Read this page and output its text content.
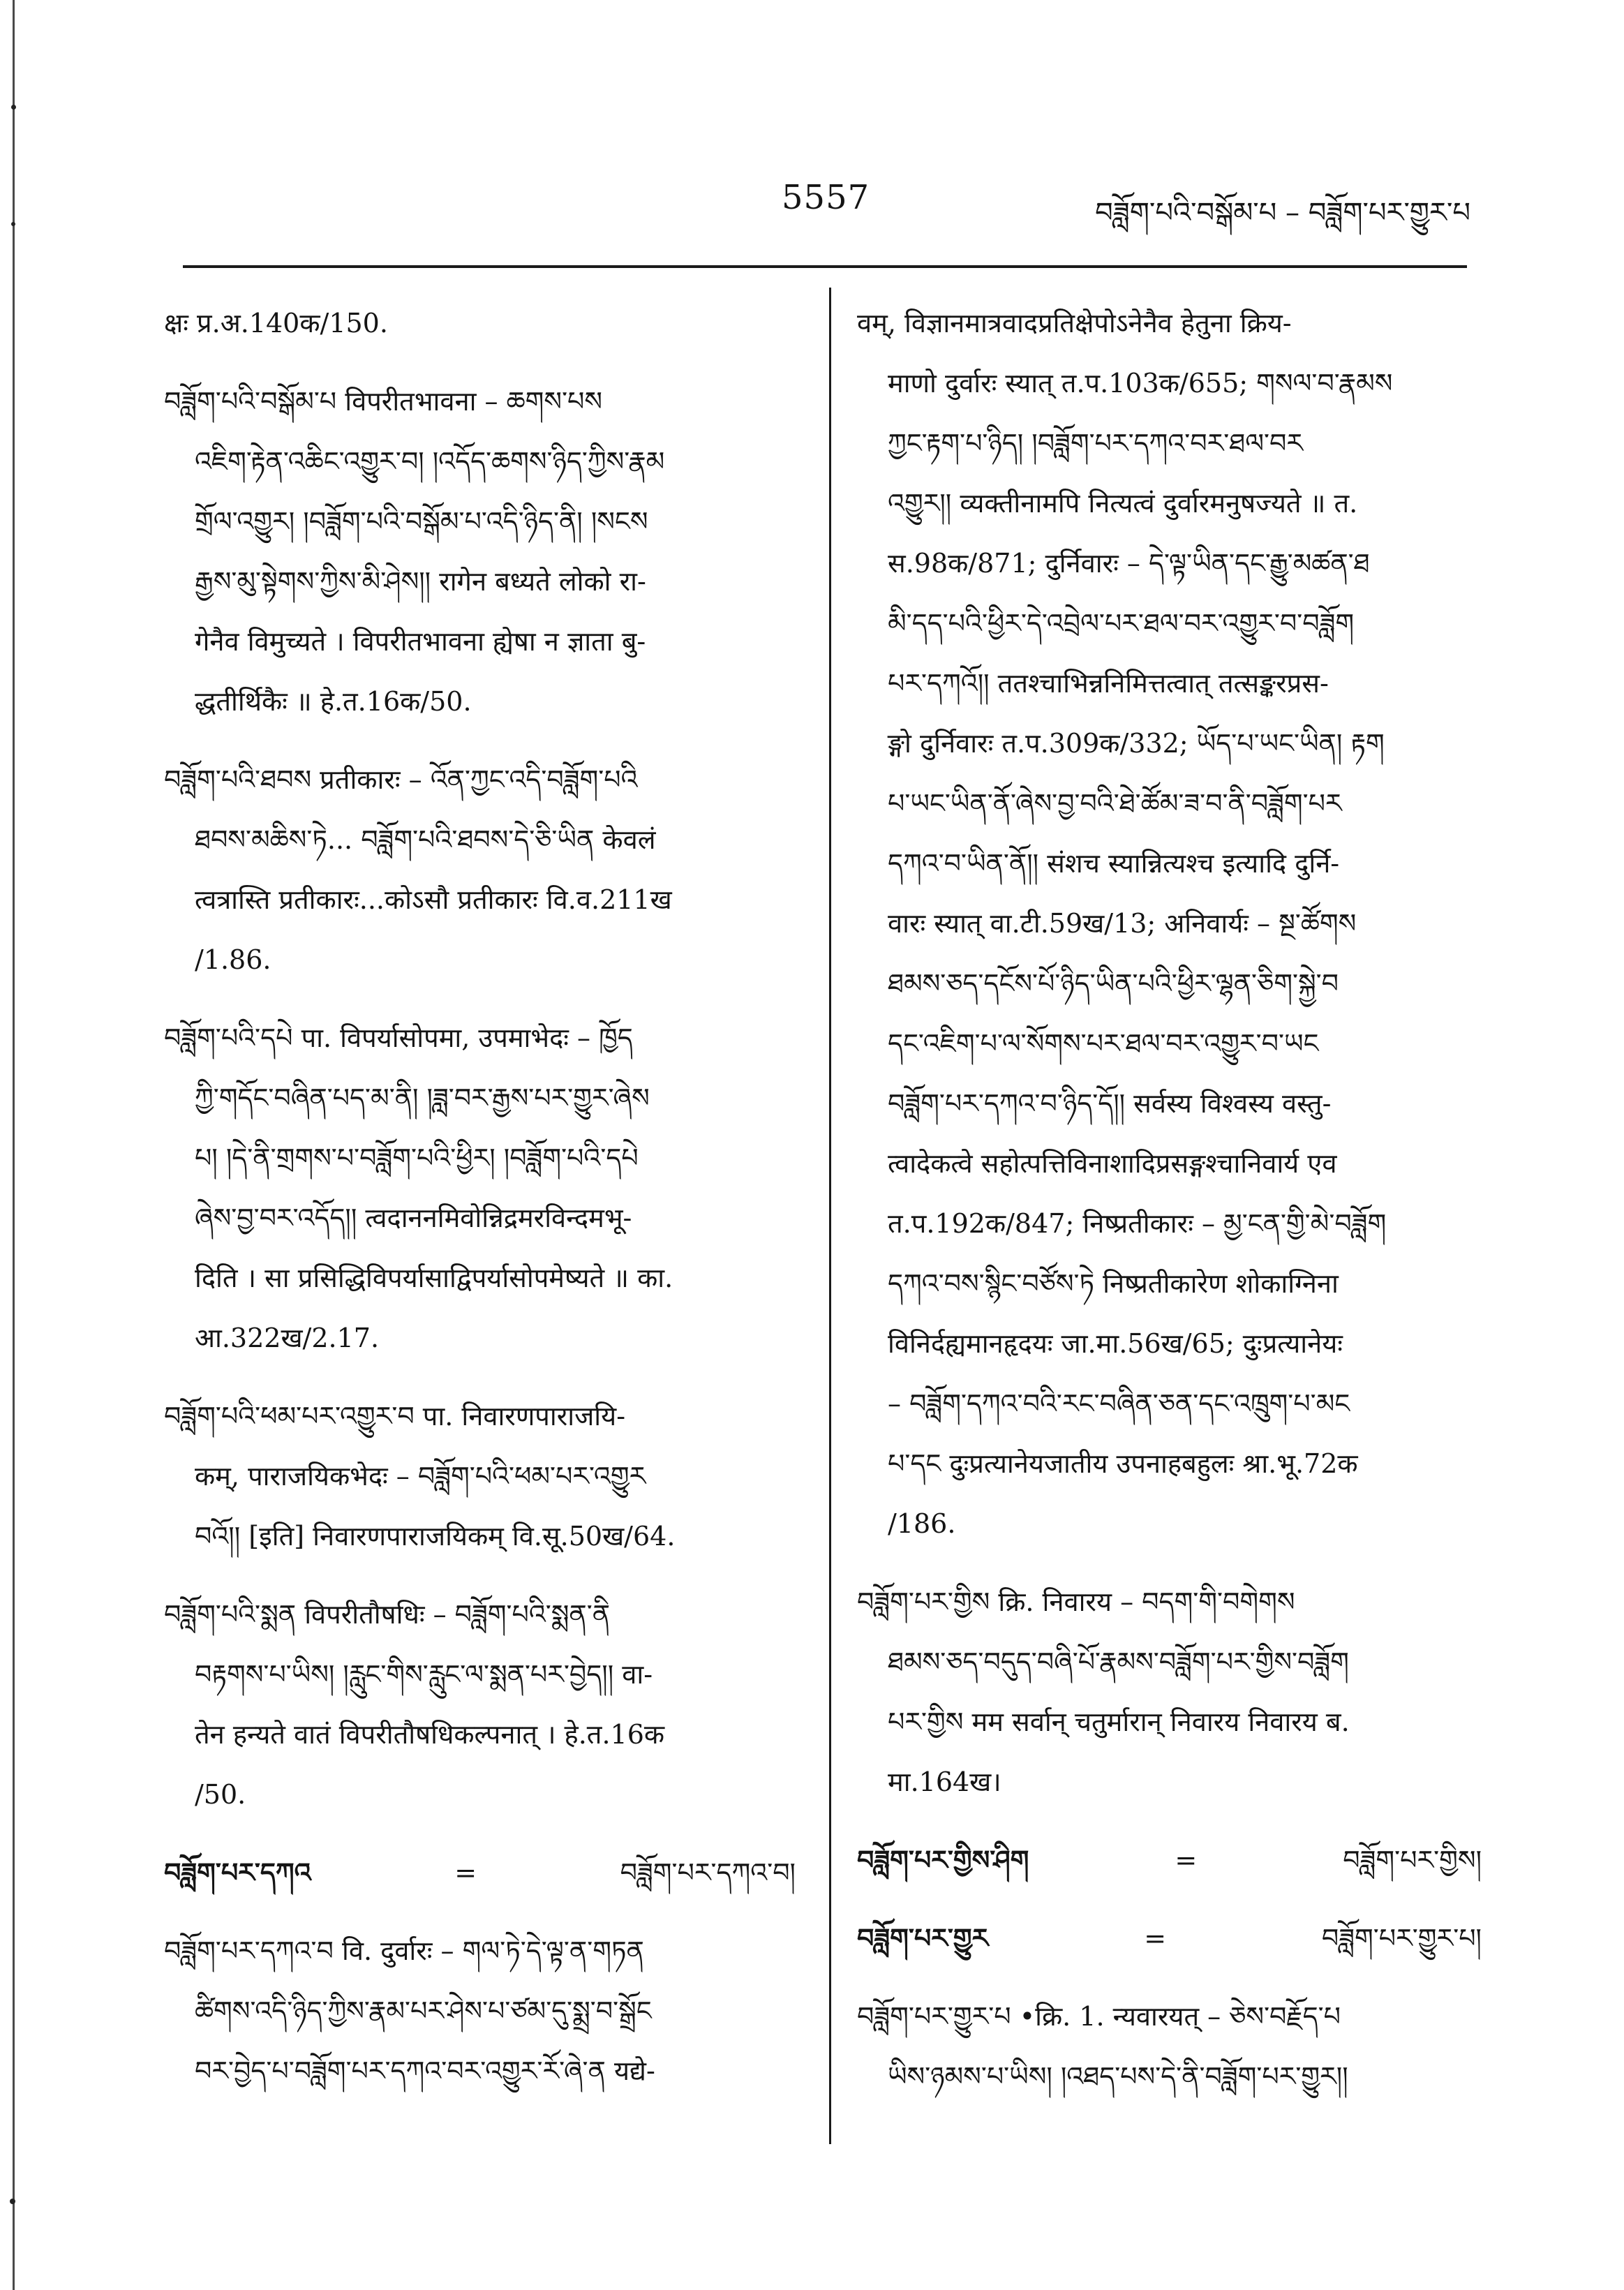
5557	བཟློག་པའི་བསྒོམ་པ – བཟློག་པར་གྱུར་པ
क्षः प्र.अ.140क/150.
བཟློག་པའི་བསྒོམ་པ विपरीतभावना – ཆགས་པས
འཇིག་རྟེན་འཆིང་འགྱུར་བ། །འདོད་ཆགས་ཉིད་ཀྱིས་རྣམ
གྲོལ་འགྱུར། །བཟློག་པའི་བསྒོམ་པ་འདི་ཉིད་ནི། །སངས
རྒྱས་མུ་སྟེགས་ཀྱིས་མི་ཤེས།། रागेन बध्यते लोको रा-
गेनैव विमुच्यते । विपरीतभावना ह्येषा न ज्ञाता बु-
द्धतीर्थिकैः ॥ हे.त.16क/50.
བཟློག་པའི་ཐབས प्रतीकारः – འོན་ཀྱང་འདི་བཟློག་པའི
ཐབས་མཆིས་ཏེ... བཟློག་པའི་ཐབས་དེ་ཅི་ཡིན केवलं
त्वत्रास्ति प्रतीकारः...कोऽसौ प्रतीकारः वि.व.211ख
/1.86.
བཟློག་པའི་དཔེ पा. विपर्यासोपमा, उपमाभेदः – ཁྱོད
ཀྱི་གདོང་བཞིན་པད་མ་ནི། །ཟླ་བར་རྒྱས་པར་གྱུར་ཞེས
པ། །དེ་ནི་གྲགས་པ་བཟློག་པའི་ཕྱིར། །བཟློག་པའི་དཔེ
ཞེས་བྱ་བར་འདོད།། त्वदाननमिवोन्निद्रमरविन्दमभू-
दिति । सा प्रसिद्धिविपर्यासाद्विपर्यासोपमेष्यते ॥ का.
आ.322ख/2.17.
བཟློག་པའི་ཕམ་པར་འགྱུར་བ पा. निवारणपाराजयि-
कम्, पाराजयिकभेदः – བཟློག་པའི་ཕམ་པར་འགྱུར
བའོ།། [इति] निवारणपाराजयिकम् वि.सू.50ख/64.
བཟློག་པའི་སྨན विपरीतौषधिः – བཟློག་པའི་སྨན་ནི
བརྟགས་པ་ཡིས། །རླུང་གིས་རླུང་ལ་སྨན་པར་བྱེད།། वा-
तेन हन्यते वातं विपरीतौषधिकल्पनात् । हे.त.16क
/50.
བཟློག་པར་དཀའ	=	བཟློག་པར་དཀའ་བ།
བཟློག་པར་དཀའ་བ वि. दुर्वारः – གལ་ཏེ་དེ་ལྟ་ན་གཏན
ཚིགས་འདི་ཉིད་ཀྱིས་རྣམ་པར་ཤེས་པ་ཙམ་དུ་སྨྲ་བ་སྒྲོང
བར་བྱེད་པ་བཟློག་པར་དཀའ་བར་འགྱུར་རོ་ཞེ་ན यद्ये-
वम्, विज्ञानमात्रवादप्रतिक्षेपोऽनेनैव हेतुना क्रिय-
माणो दुर्वारः स्यात् त.प.103क/655; གསལ་བ་རྣམས
ཀྱང་རྟག་པ་ཉིད། །བཟློག་པར་དཀའ་བར་ཐལ་བར
འགྱུར།། व्यक्तीनामपि नित्यत्वं दुर्वारमनुषज्यते ॥ त.
स.98क/871; दुर्निवारः – དེ་ལྟ་ཡིན་དང་རྒྱུ་མཚན་ཐ
མི་དད་པའི་ཕྱིར་དེ་འབྲེལ་པར་ཐལ་བར་འགྱུར་བ་བཟློག
པར་དཀའོ།། ततश्चाभिन्ननिमित्तत्वात् तत्सङ्करप्रस-
ङ्गो दुर्निवारः त.प.309क/332; ཡོད་པ་ཡང་ཡིན། རྟག
པ་ཡང་ཡིན་ནོ་ཞེས་བྱ་བའི་ཐེ་ཚོམ་ཟ་བ་ནི་བཟློག་པར
དཀའ་བ་ཡིན་ནོ།། संशच स्यान्नित्यश्च इत्यादि दुर्नि-
वारः स्यात् वा.टी.59ख/13; अनिवार्यः – སྔ་ཚོགས
ཐམས་ཅད་དངོས་པོ་ཉིད་ཡིན་པའི་ཕྱིར་ལྷན་ཅིག་སྐྱེ་བ
དང་འཇིག་པ་ལ་སོགས་པར་ཐལ་བར་འགྱུར་བ་ཡང
བཟློག་པར་དཀའ་བ་ཉིད་དོ།། सर्वस्य विश्वस्य वस्तु-
त्वादेकत्वे सहोत्पत्तिविनाशादिप्रसङ्गश्चानिवार्य एव
त.प.192क/847; निष्प्रतीकारः – མྱ་ངན་གྱི་མེ་བཟློག
དཀའ་བས་སྙིང་བཙོས་ཏེ निष्प्रतीकारेण शोकाग्निना
विनिर्दह्यमानहृदयः जा.मा.56ख/65; दुःप्रत्यानेयः
– བཟློག་དཀའ་བའི་རང་བཞིན་ཅན་དང་འཁྲུག་པ་མང
པ་དང दुःप्रत्यानेयजातीय उपनाहबहुलः श्रा.भू.72क
/186.
བཟློག་པར་གྱིས क्रि. निवारय – བདག་གི་བགེགས
ཐམས་ཅད་བདུད་བཞི་པོ་རྣམས་བཟློག་པར་གྱིས་བཟློག
པར་གྱིས मम सर्वान् चतुर्मारान् निवारय निवारय ब.
मा.164ख।
བཟློག་པར་གྱིས་ཤིག	=	བཟློག་པར་གྱིས།
བཟློག་པར་གྱུར	=	བཟློག་པར་གྱུར་པ།
བཟློག་པར་གྱུར་པ •क्रि. 1. न्यवारयत् – ཅེས་བརྗོད་པ
ཡིས་ཉམས་པ་ཡིས། །འཐད་པས་དེ་ནི་བཟློག་པར་གྱུར།།
